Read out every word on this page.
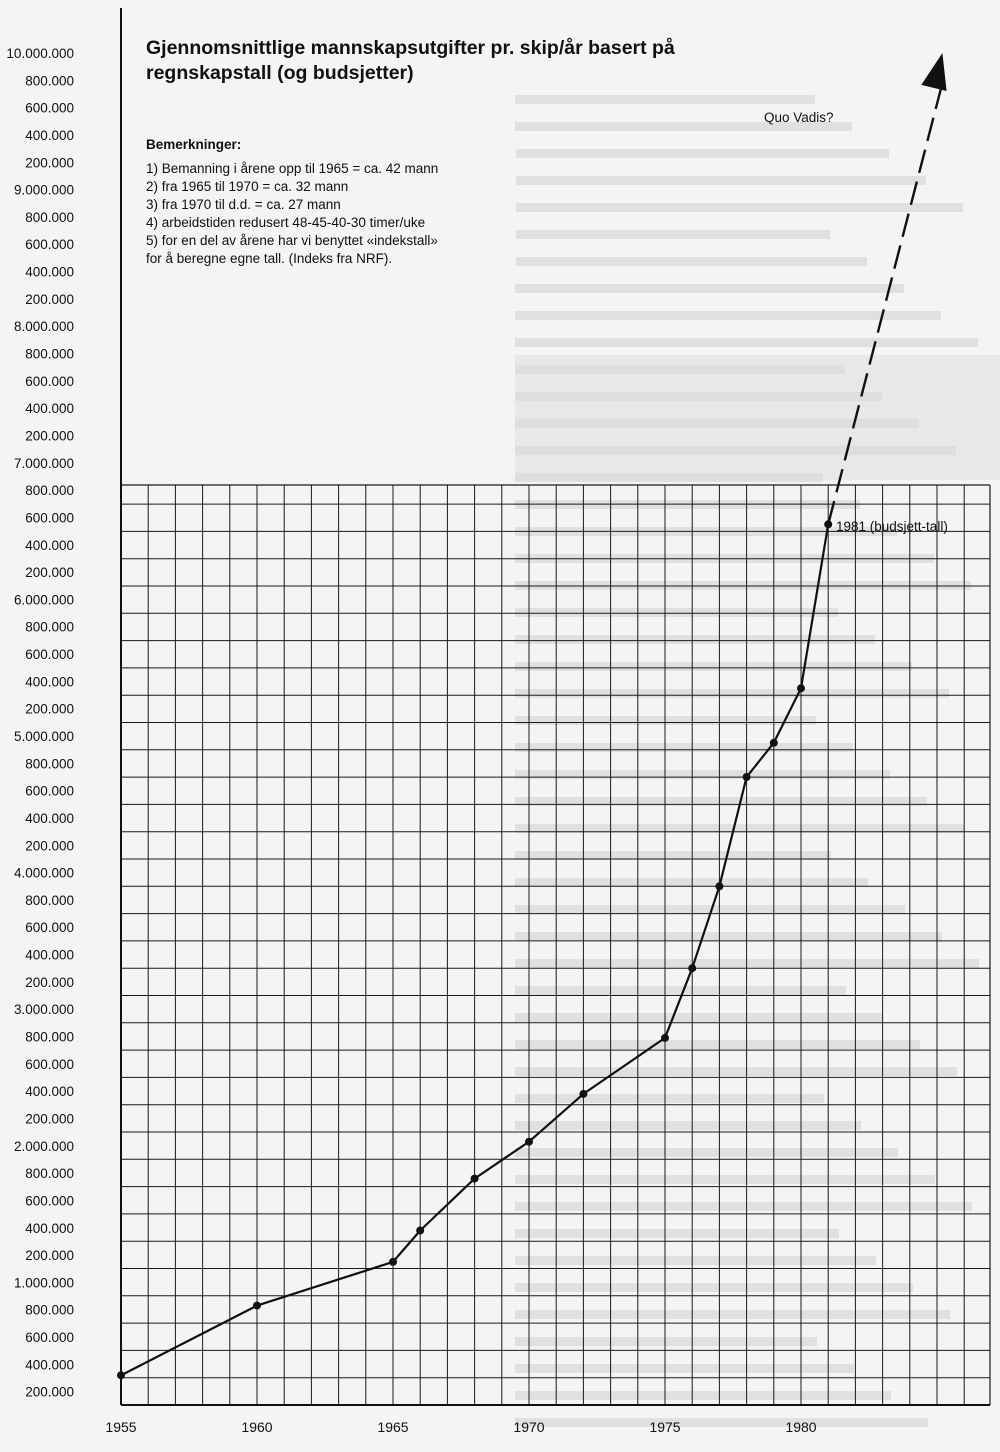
200.000
400.000
600.000
800.000
1.000.000
200.000
400.000
600.000
800.000
2.000.000
200.000
400.000
600.000
800.000
3.000.000
200.000
400.000
600.000
800.000
4.000.000
200.000
400.000
600.000
800.000
5.000.000
200.000
400.000
600.000
800.000
6.000.000
200.000
400.000
600.000
800.000
7.000.000
200.000
400.000
600.000
800.000
8.000.000
200.000
400.000
600.000
800.000
9.000.000
200.000
400.000
600.000
800.000
10.000.000
1955	1960	1965	1970	1975	1980
Gjennomsnittlige mannskapsutgifter pr. skip/år basert på
regnskapstall (og budsjetter)
Bemerkninger:
1) Bemanning i årene opp til 1965 = ca. 42 mann
2) fra 1965 til 1970 = ca. 32 mann
3) fra 1970 til d.d. = ca. 27 mann
4) arbeidstiden redusert 48-45-40-30 timer/uke
5) for en del av årene har vi benyttet «indekstall»
for å beregne egne tall. (Indeks fra NRF).
Quo Vadis?
1981 (budsjett-tall)
